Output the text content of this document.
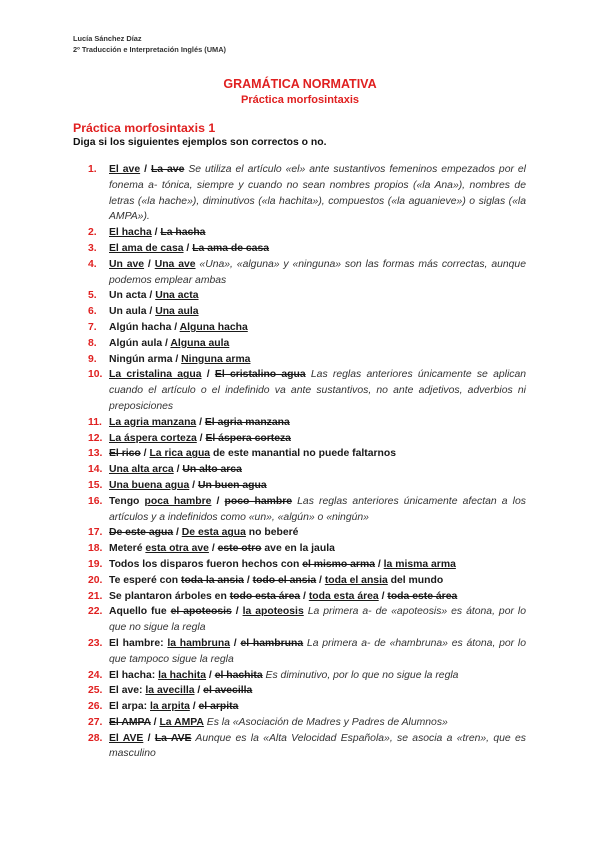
Lucía Sánchez Díaz
2º Traducción e Interpretación Inglés (UMA)
GRAMÁTICA NORMATIVA
Práctica morfosintaxis
Práctica morfosintaxis 1
Diga si los siguientes ejemplos son correctos o no.
1. El ave / La ave Se utiliza el artículo «el» ante sustantivos femeninos empezados por el fonema a- tónica, siempre y cuando no sean nombres propios («la Ana»), nombres de letras («la hache»), diminutivos («la hachita»), compuestos («la aguanieve») o siglas («la AMPA»).
2. El hacha / La hacha
3. El ama de casa / La ama de casa
4. Un ave / Una ave «Una», «alguna» y «ninguna» son las formas más correctas, aunque podemos emplear ambas
5. Un acta / Una acta
6. Un aula / Una aula
7. Algún hacha / Alguna hacha
8. Algún aula / Alguna aula
9. Ningún arma / Ninguna arma
10. La cristalina agua / El cristalino agua Las reglas anteriores únicamente se aplican cuando el artículo o el indefinido va ante sustantivos, no ante adjetivos, adverbios ni preposiciones
11. La agria manzana / El agria manzana
12. La áspera corteza / El áspera corteza
13. El rico / La rica agua de este manantial no puede faltarnos
14. Una alta arca / Un alto arca
15. Una buena agua / Un buen agua
16. Tengo poca hambre / poco hambre Las reglas anteriores únicamente afectan a los artículos y a indefinidos como «un», «algún» o «ningún»
17. De este agua / De esta agua no beberé
18. Meteré esta otra ave / este otro ave en la jaula
19. Todos los disparos fueron hechos con el mismo arma / la misma arma
20. Te esperé con toda la ansia / todo el ansia / toda el ansia del mundo
21. Se plantaron árboles en todo esta área / toda esta área / toda este área
22. Aquello fue el apoteosis / la apoteosis La primera a- de «apoteosis» es átona, por lo que no sigue la regla
23. El hambre: la hambruna / el hambruna La primera a- de «hambruna» es átona, por lo que tampoco sigue la regla
24. El hacha: la hachita / el hachita Es diminutivo, por lo que no sigue la regla
25. El ave: la avecilla / el avecilla
26. El arpa: la arpita / el arpita
27. El AMPA / La AMPA Es la «Asociación de Madres y Padres de Alumnos»
28. El AVE / La AVE Aunque es la «Alta Velocidad Española», se asocia a «tren», que es masculino
